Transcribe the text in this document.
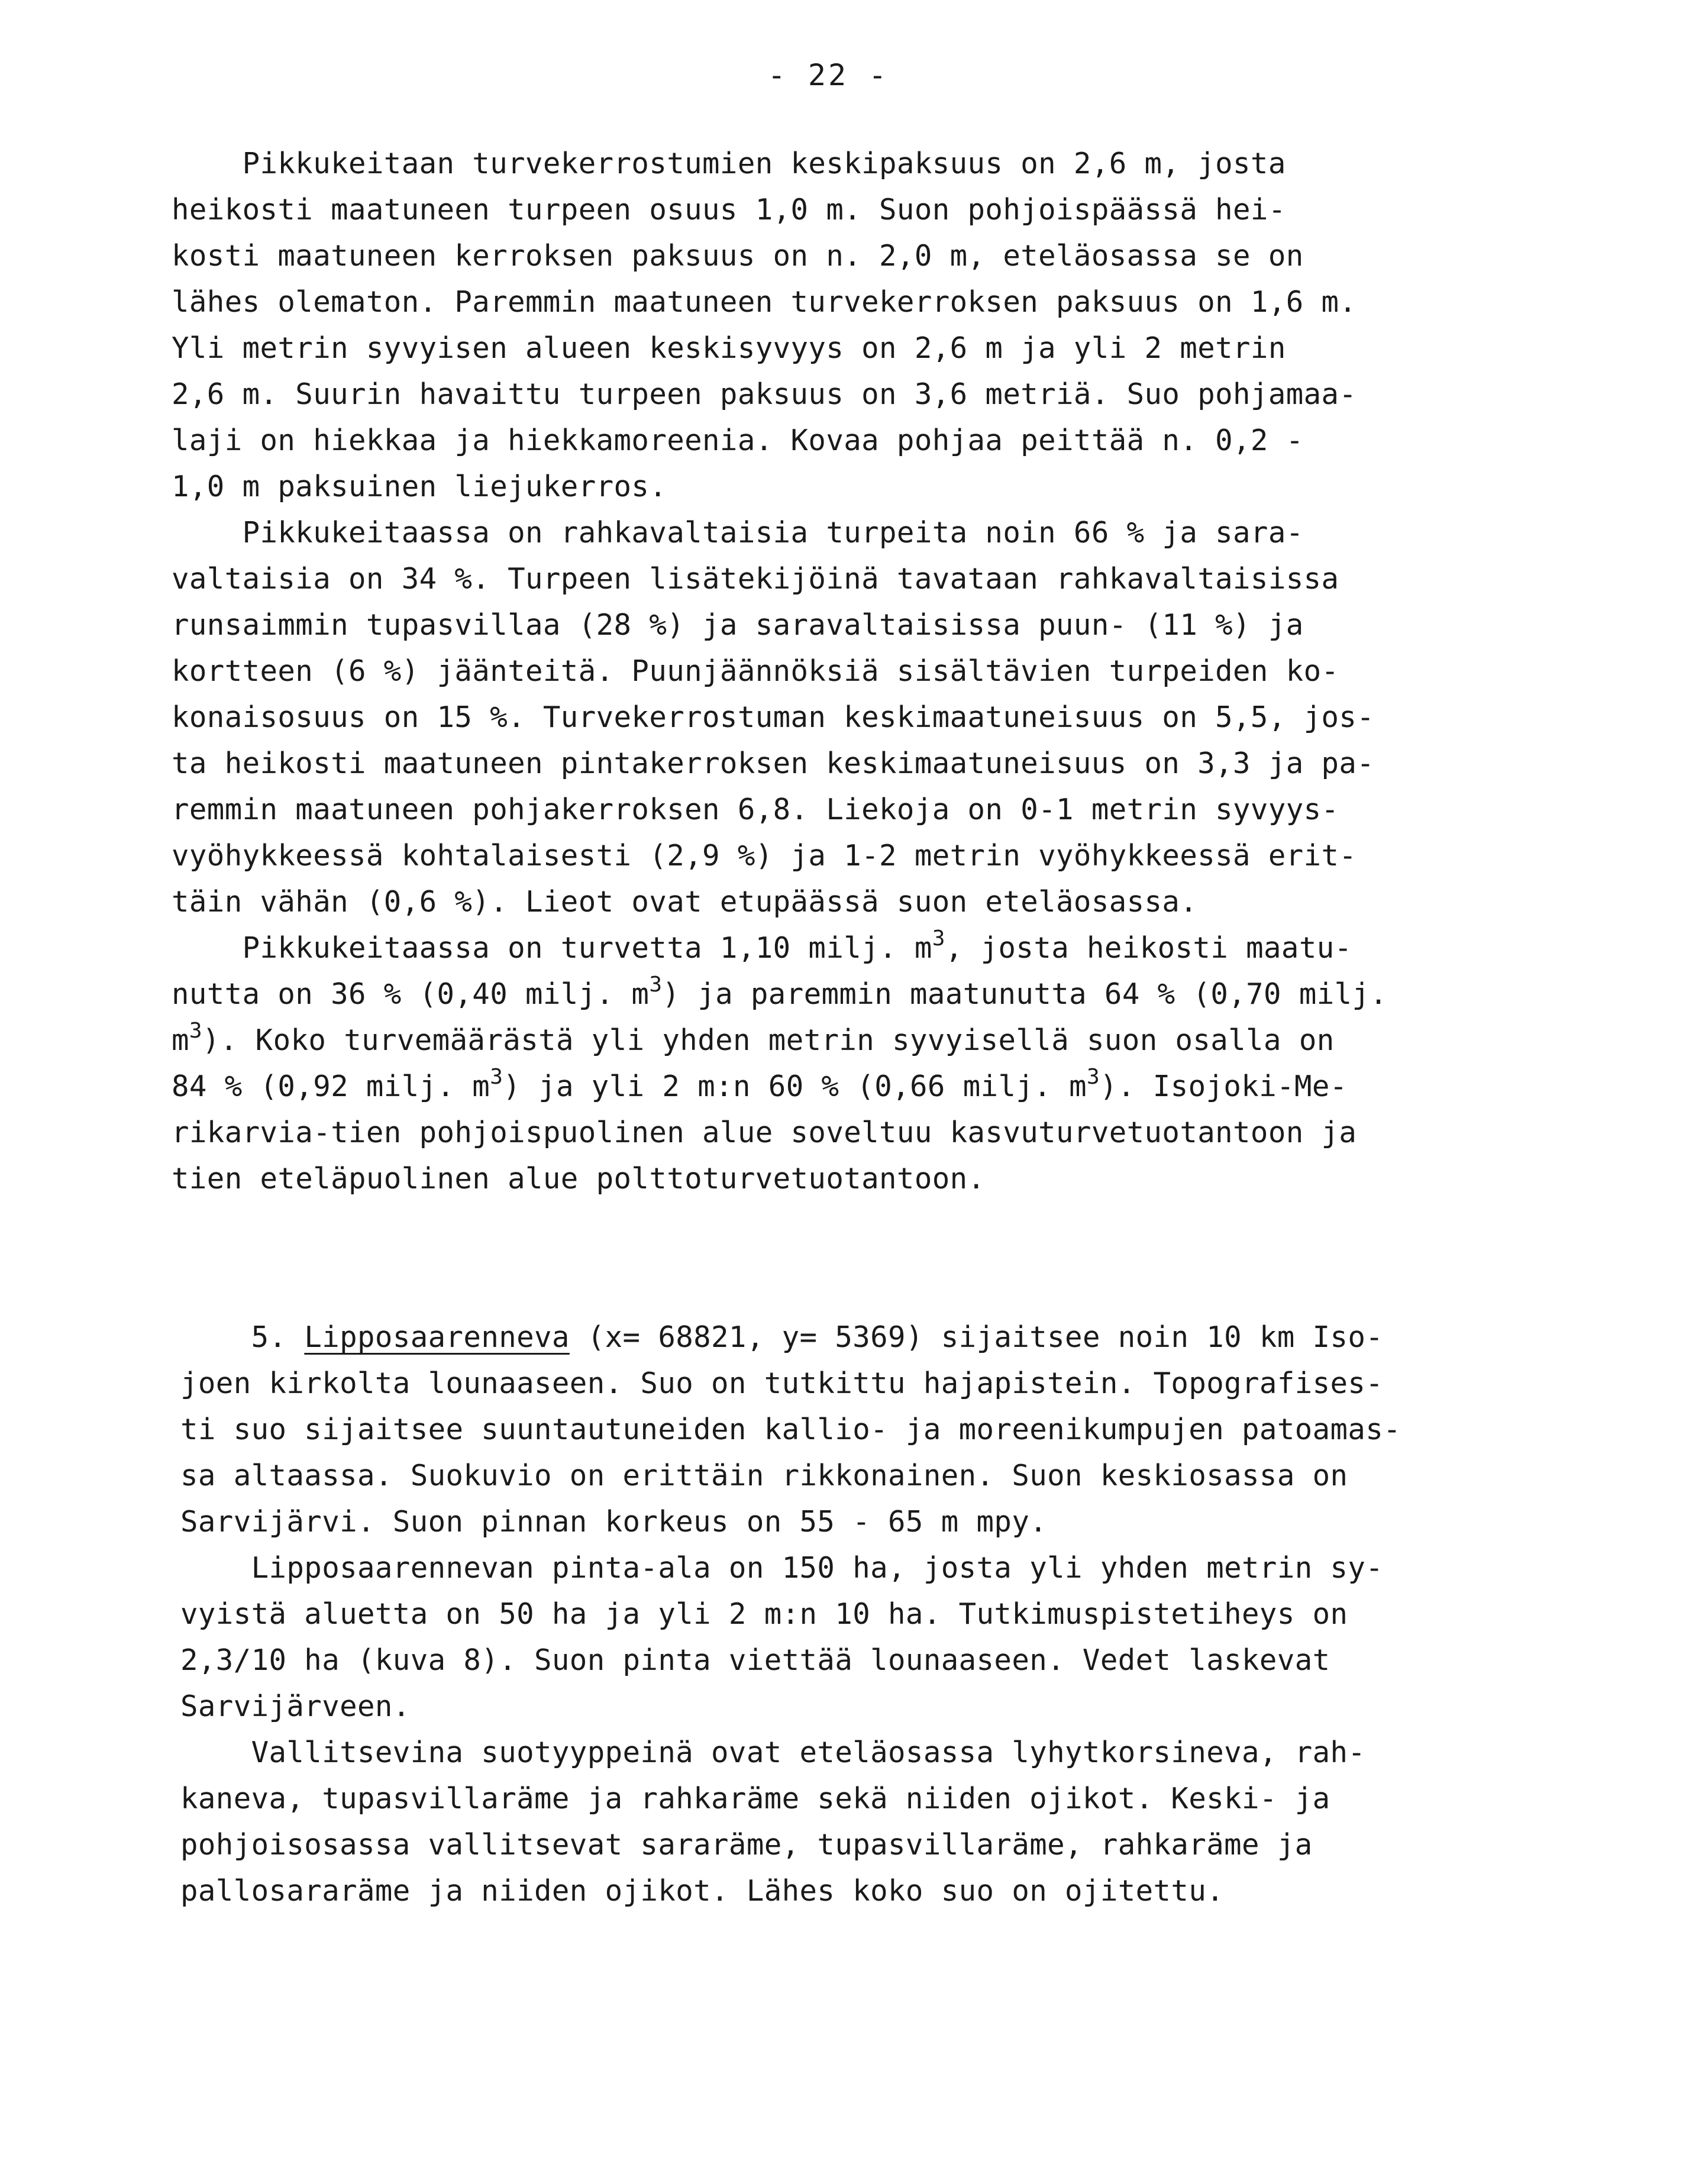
- 22 -
Pikkukeitaan turvekerrostumien keskipaksuus on 2,6 m, josta
heikosti maatuneen turpeen osuus 1,0 m. Suon pohjoispäässä hei-
kosti maatuneen kerroksen paksuus on n. 2,0 m, eteläosassa se on
lähes olematon. Paremmin maatuneen turvekerroksen paksuus on 1,6 m.
Yli metrin syvyisen alueen keskisyvyys on 2,6 m ja yli 2 metrin
2,6 m. Suurin havaittu turpeen paksuus on 3,6 metriä. Suo pohjamaa-
laji on hiekkaa ja hiekkamoreenia. Kovaa pohjaa peittää n. 0,2 -
1,0 m paksuinen liejukerros.
Pikkukeitaassa on rahkavaltaisia turpeita noin 66 % ja sara-
valtaisia on 34 %. Turpeen lisätekijöinä tavataan rahkavaltaisissa
runsaimmin tupasvillaa (28 %) ja saravaltaisissa puun- (11 %) ja
kortteen (6 %) jäänteitä. Puunjäännöksiä sisältävien turpeiden ko-
konaisosuus on 15 %. Turvekerrostuman keskimaatuneisuus on 5,5, jos-
ta heikosti maatuneen pintakerroksen keskimaatuneisuus on 3,3 ja pa-
remmin maatuneen pohjakerroksen 6,8. Liekoja on 0-1 metrin syvyys-
vyöhykkeessä kohtalaisesti (2,9 %) ja 1-2 metrin vyöhykkeessä erit-
täin vähän (0,6 %). Lieot ovat etupäässä suon eteläosassa.
Pikkukeitaassa on turvetta 1,10 milj. $m^3$, josta heikosti maatu-
nutta on 36 % (0,40 milj. $m^3$) ja paremmin maatunutta 64 % (0,70 milj.
$m^3$). Koko turvemäärästä yli yhden metrin syvyisellä suon osalla on
84 % (0,92 milj. $m^3$) ja yli 2 m:n 60 % (0,66 milj. $m^3$). Isojoki-Me-
rikarvia-tien pohjoispuolinen alue soveltuu kasvuturvetuotantoon ja
tien eteläpuolinen alue polttoturvetuotantoon.
5. Lipposaarenneva (x= 68821, y= 5369) sijaitsee noin 10 km Iso-
joen kirkolta lounaaseen. Suo on tutkittu hajapistein. Topografises-
ti suo sijaitsee suuntautuneiden kallio- ja moreenikumpujen patoamas-
sa altaassa. Suokuvio on erittäin rikkonainen. Suon keskiosassa on
Sarvijärvi. Suon pinnan korkeus on 55 - 65 m mpy.
Lipposaarennevan pinta-ala on 150 ha, josta yli yhden metrin sy-
vyistä aluetta on 50 ha ja yli 2 m:n 10 ha. Tutkimuspistetiheys on
2,3/10 ha (kuva 8). Suon pinta viettää lounaaseen. Vedet laskevat
Sarvijärveen.
Vallitsevina suotyyppeinä ovat eteläosassa lyhytkorsineva, rah-
kaneva, tupasvillaräme ja rahkaräme sekä niiden ojikot. Keski- ja
pohjoisosassa vallitsevat sararäme, tupasvillaräme, rahkaräme ja
pallosararäme ja niiden ojikot. Lähes koko suo on ojitettu.
